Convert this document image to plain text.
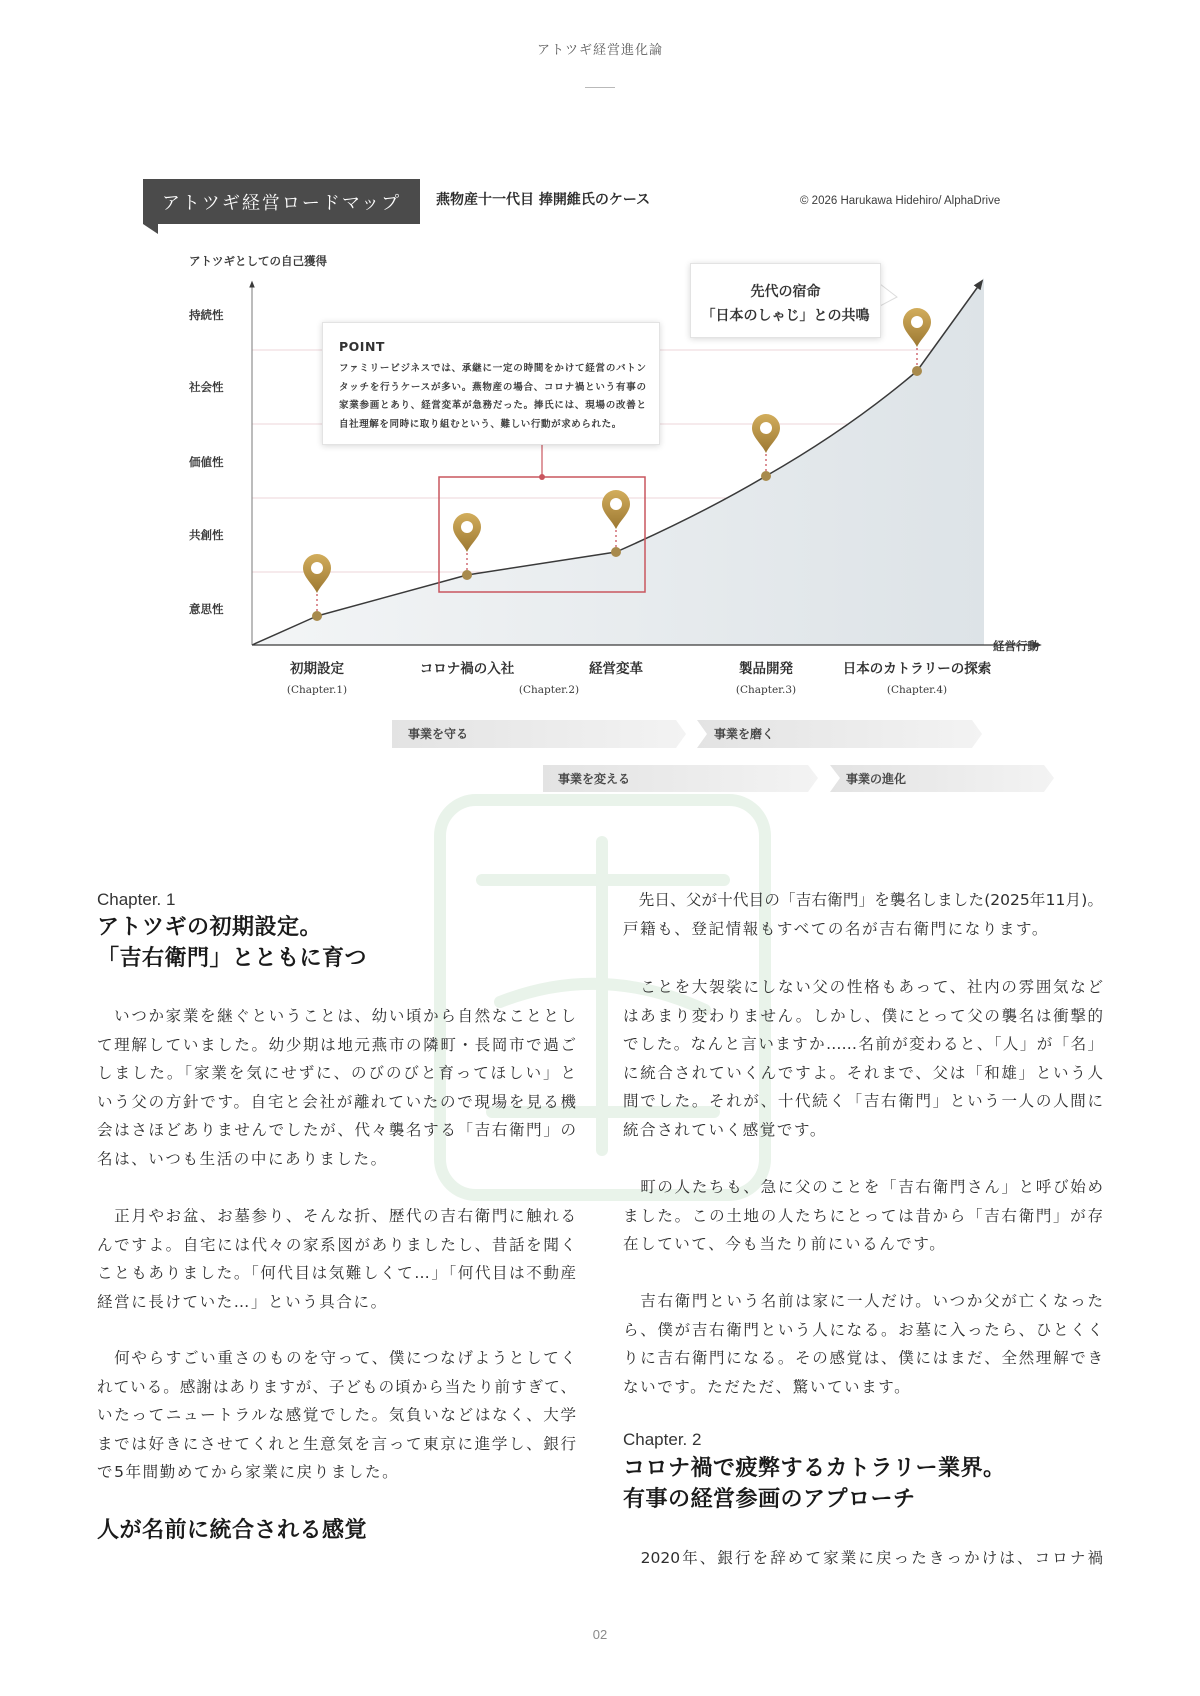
アトツギ経営進化論
アトツギ経営ロードマップ	燕物産十一代目 捧開維氏のケース	© 2026 Harukawa Hidehiro/ AlphaDrive
アトツギとしての自己獲得
持続性
社会性
価値性
共創性
意思性
経営行動
POINT
ファミリービジネスでは、承継に一定の時間をかけて経営のバトン
タッチを行うケースが多い。燕物産の場合、コロナ禍という有事の
家業参画とあり、経営変革が急務だった。捧氏には、現場の改善と
自社理解を同時に取り組むという、難しい行動が求められた。
先代の宿命
「日本のしゃじ」との共鳴
初期設定	コロナ禍の入社	経営変革	製品開発	日本のカトラリーの探索
(Chapter.1)	(Chapter.2)	(Chapter.3)	(Chapter.4)
事業を守る	事業を磨く
事業を変える	事業の進化
Chapter. 1
アトツギの初期設定。
「吉右衛門」とともに育つ
　いつか家業を継ぐということは、幼い頃から自然なこととし
て理解していました。幼少期は地元燕市の隣町・長岡市で過ご
しました。「家業を気にせずに、のびのびと育ってほしい」と
いう父の方針です。自宅と会社が離れていたので現場を見る機
会はさほどありませんでしたが、代々襲名する「吉右衛門」の
名は、いつも生活の中にありました。
　正月やお盆、お墓参り、そんな折、歴代の吉右衛門に触れる
んですよ。自宅には代々の家系図がありましたし、昔話を聞く
こともありました。「何代目は気難しくて…」「何代目は不動産
経営に長けていた…」という具合に。
　何やらすごい重さのものを守って、僕につなげようとしてく
れている。感謝はありますが、子どもの頃から当たり前すぎて、
いたってニュートラルな感覚でした。気負いなどはなく、大学
までは好きにさせてくれと生意気を言って東京に進学し、銀行
で5年間勤めてから家業に戻りました。
人が名前に統合される感覚
　先日、父が十代目の「吉右衛門」を襲名しました(2025年11月)。
戸籍も、登記情報もすべての名が吉右衛門になります。
　ことを大袈裟にしない父の性格もあって、社内の雰囲気など
はあまり変わりません。しかし、僕にとって父の襲名は衝撃的
でした。なんと言いますか……名前が変わると、「人」が「名」
に統合されていくんですよ。それまで、父は「和雄」という人
間でした。それが、十代続く「吉右衛門」という一人の人間に
統合されていく感覚です。
　町の人たちも、急に父のことを「吉右衛門さん」と呼び始め
ました。この土地の人たちにとっては昔から「吉右衛門」が存
在していて、今も当たり前にいるんです。
　吉右衛門という名前は家に一人だけ。いつか父が亡くなった
ら、僕が吉右衛門という人になる。お墓に入ったら、ひとくく
りに吉右衛門になる。その感覚は、僕にはまだ、全然理解でき
ないです。ただただ、驚いています。
Chapter. 2
コロナ禍で疲弊するカトラリー業界。
有事の経営参画のアプローチ
　2020年、銀行を辞めて家業に戻ったきっかけは、コロナ禍
02
